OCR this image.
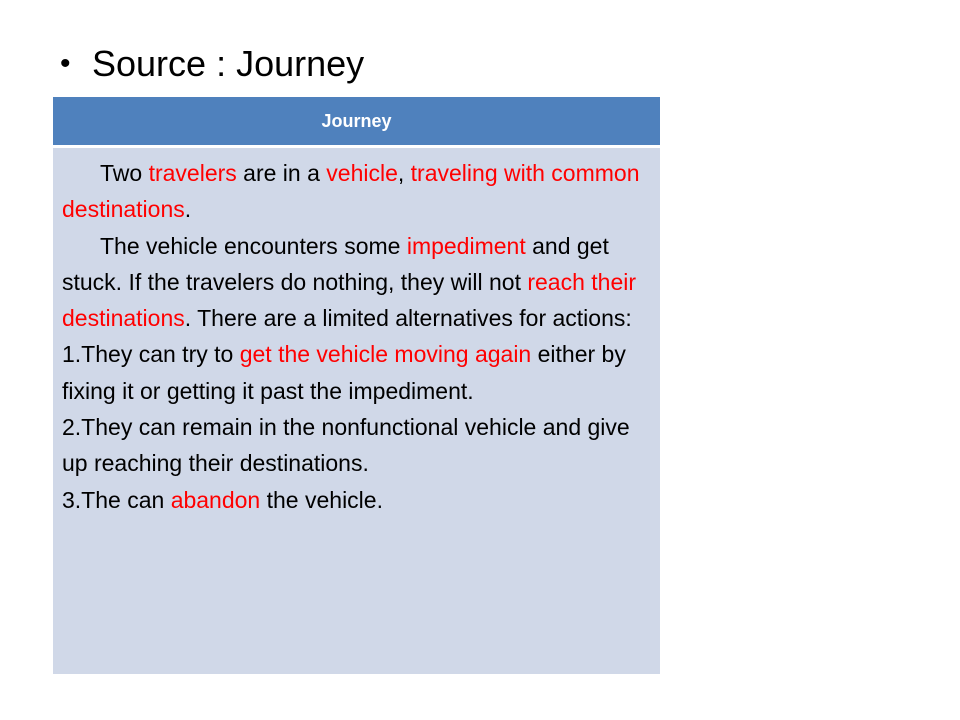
• Source : Journey
Journey

Two travelers are in a vehicle, traveling with common destinations.

The vehicle encounters some impediment and get stuck. If the travelers do nothing, they will not reach their destinations. There are a limited alternatives for actions:

1.They can try to get the vehicle moving again either by fixing it or getting it past the impediment.

2.They can remain in the nonfunctional vehicle and give up reaching their destinations.

3.The can abandon the vehicle.
